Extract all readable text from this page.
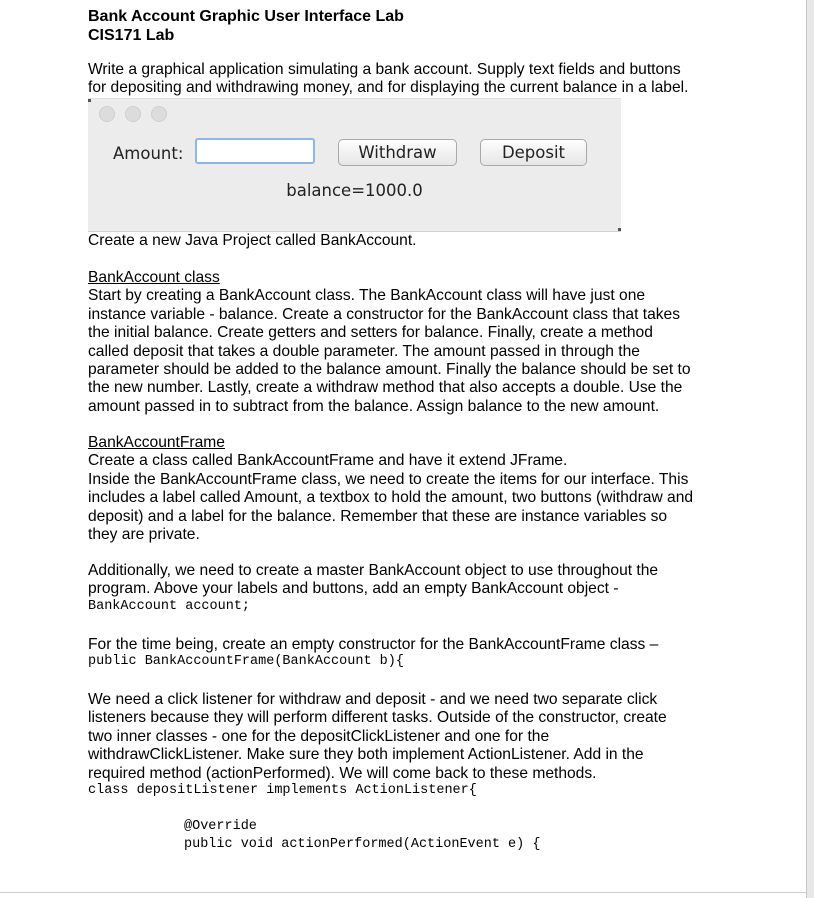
Bank Account Graphic User Interface Lab
CIS171 Lab
Write a graphical application simulating a bank account. Supply text fields and buttons
for depositing and withdrawing money, and for displaying the current balance in a label.
Amount:	Withdraw	Deposit
balance=1000.0
Create a new Java Project called BankAccount.
BankAccount class
Start by creating a BankAccount class. The BankAccount class will have just one
instance variable - balance. Create a constructor for the BankAccount class that takes
the initial balance. Create getters and setters for balance. Finally, create a method
called deposit that takes a double parameter. The amount passed in through the
parameter should be added to the balance amount. Finally the balance should be set to
the new number. Lastly, create a withdraw method that also accepts a double. Use the
amount passed in to subtract from the balance. Assign balance to the new amount.
BankAccountFrame
Create a class called BankAccountFrame and have it extend JFrame.
Inside the BankAccountFrame class, we need to create the items for our interface. This
includes a label called Amount, a textbox to hold the amount, two buttons (withdraw and
deposit) and a label for the balance. Remember that these are instance variables so
they are private.
Additionally, we need to create a master BankAccount object to use throughout the
program. Above your labels and buttons, add an empty BankAccount object -
BankAccount account;
For the time being, create an empty constructor for the BankAccountFrame class –
public BankAccountFrame(BankAccount b){
We need a click listener for withdraw and deposit - and we need two separate click
listeners because they will perform different tasks. Outside of the constructor, create
two inner classes - one for the depositClickListener and one for the
withdrawClickListener. Make sure they both implement ActionListener. Add in the
required method (actionPerformed). We will come back to these methods.
class depositListener implements ActionListener{
@Override
public void actionPerformed(ActionEvent e) {
